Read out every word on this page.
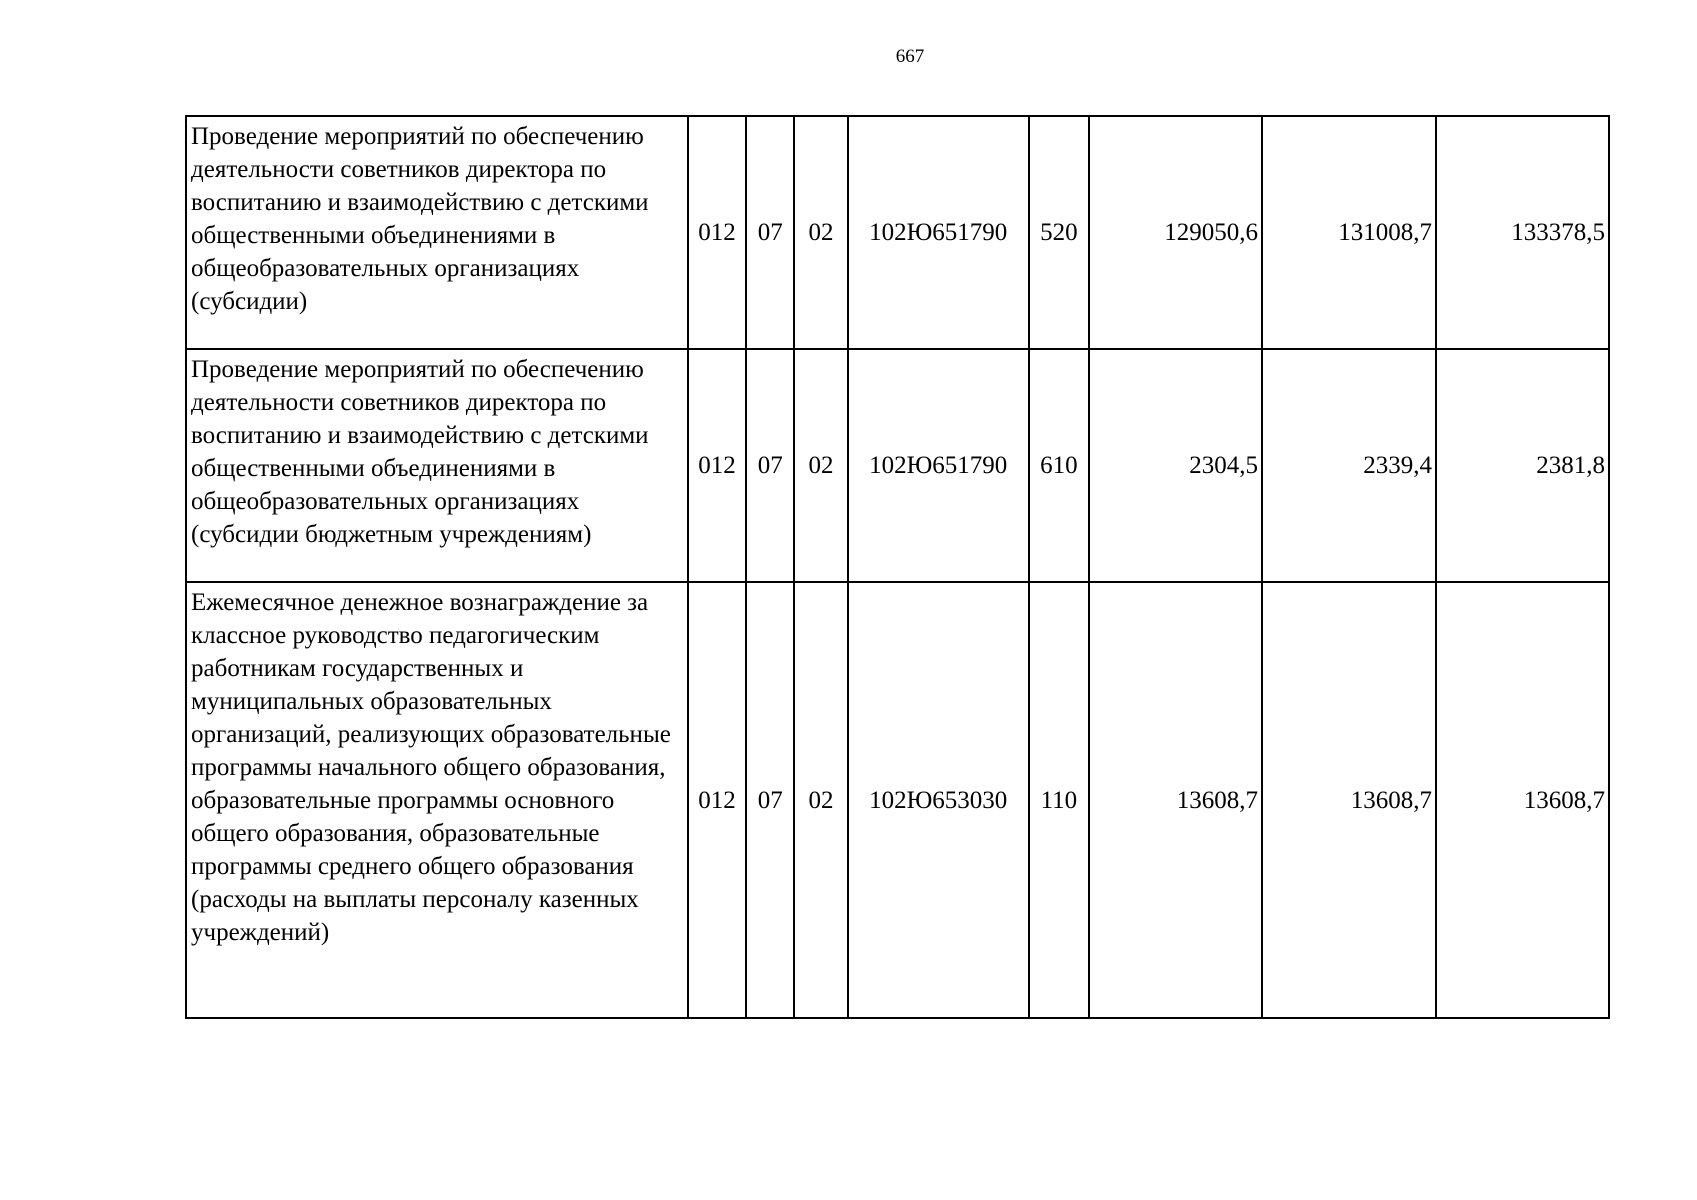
667
Проведение мероприятий по обеспечению деятельности советников директора по воспитанию и взаимодействию с детскими общественными объединениями в общеобразовательных организациях (субсидии)	012	07	02	102Ю651790	520	129050,6	131008,7	133378,5
Проведение мероприятий по обеспечению деятельности советников директора по воспитанию и взаимодействию с детскими общественными объединениями в общеобразовательных организациях (субсидии бюджетным учреждениям)	012	07	02	102Ю651790	610	2304,5	2339,4	2381,8
Ежемесячное денежное вознаграждение за классное руководство педагогическим работникам государственных и муниципальных образовательных организаций, реализующих образовательные программы начального общего образования, образовательные программы основного общего образования, образовательные программы среднего общего образования (расходы на выплаты персоналу казенных учреждений)	012	07	02	102Ю653030	110	13608,7	13608,7	13608,7
